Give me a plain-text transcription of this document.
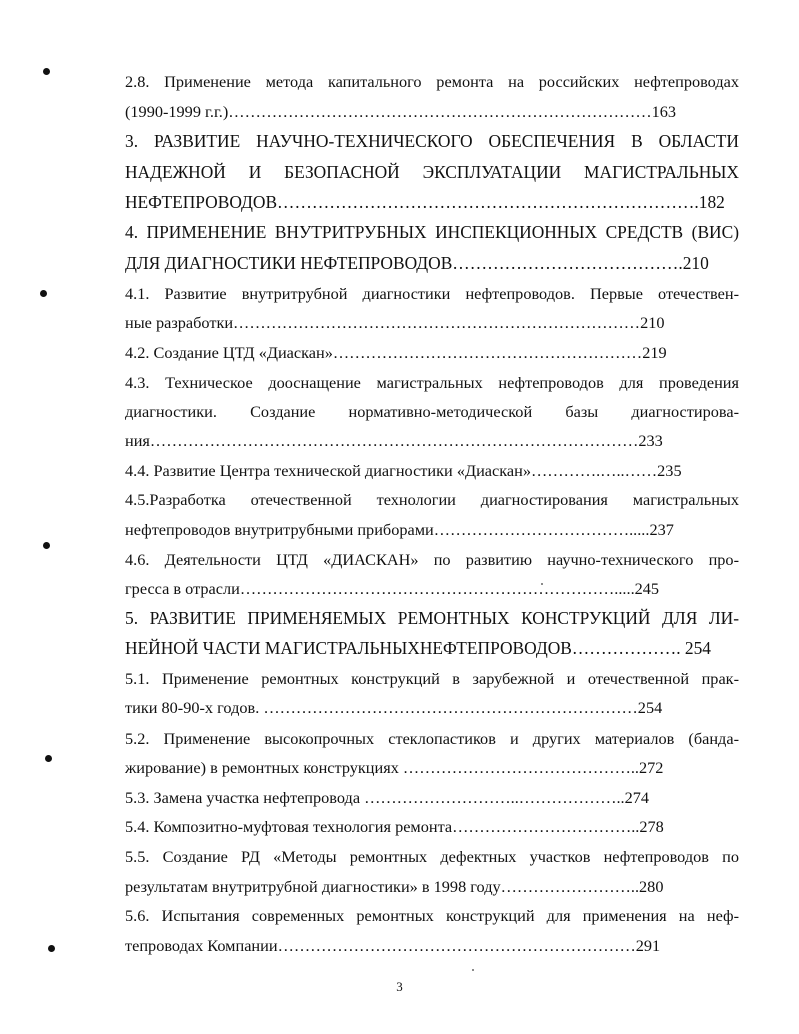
2.8. Применение метода капитального ремонта на российских нефтепроводах
(1990-1999 г.г.)……………………………………………………………………163
3. РАЗВИТИЕ НАУЧНО-ТЕХНИЧЕСКОГО ОБЕСПЕЧЕНИЯ В ОБЛАСТИ
НАДЕЖНОЙ И БЕЗОПАСНОЙ ЭКСПЛУАТАЦИИ МАГИСТРАЛЬНЫХ
НЕФТЕПРОВОДОВ……………………………………………………………….182
4. ПРИМЕНЕНИЕ ВНУТРИТРУБНЫХ ИНСПЕКЦИОННЫХ СРЕДСТВ (ВИС)
ДЛЯ ДИАГНОСТИКИ НЕФТЕПРОВОДОВ………………………………….210
4.1. Развитие внутритрубной диагностики нефтепроводов. Первые отечествен-
ные разработки…………………………………………………………………210
4.2. Создание ЦТД «Диаскан»…………………………………………………219
4.3. Техническое дооснащение магистральных нефтепроводов для проведения
диагностики. Создание нормативно-методической базы диагностирова-
ния………………………………………………………………………………233
4.4. Развитие Центра технической диагностики «Диаскан»………….…..……235
4.5.Разработка отечественной технологии диагностирования магистральных
нефтепроводов внутритрубными приборами……………………………….....237
4.6. Деятельности ЦТД «ДИАСКАН» по развитию научно-технического про-
гресса в отрасли…………………………………………………………….....245
5. РАЗВИТИЕ ПРИМЕНЯЕМЫХ РЕМОНТНЫХ КОНСТРУКЦИЙ ДЛЯ ЛИ-
НЕЙНОЙ ЧАСТИ МАГИСТРАЛЬНЫХНЕФТЕПРОВОДОВ………………. 254
5.1. Применение ремонтных конструкций в зарубежной и отечественной прак-
тики 80-90-х годов. ……………………………………………………………254
5.2. Применение высокопрочных стеклопастиков и других материалов (банда-
жирование) в ремонтных конструкциях ……………………………………..272
5.3. Замена участка нефтепровода ………………………..………………..274
5.4. Композитно-муфтовая технология ремонта……………………………..278
5.5. Создание РД «Методы ремонтных дефектных участков нефтепроводов по
результатам внутритрубной диагностики» в 1998 году……………………..280
5.6. Испытания современных ремонтных конструкций для применения на неф-
тепроводах Компании…………………………………………………………291
3
